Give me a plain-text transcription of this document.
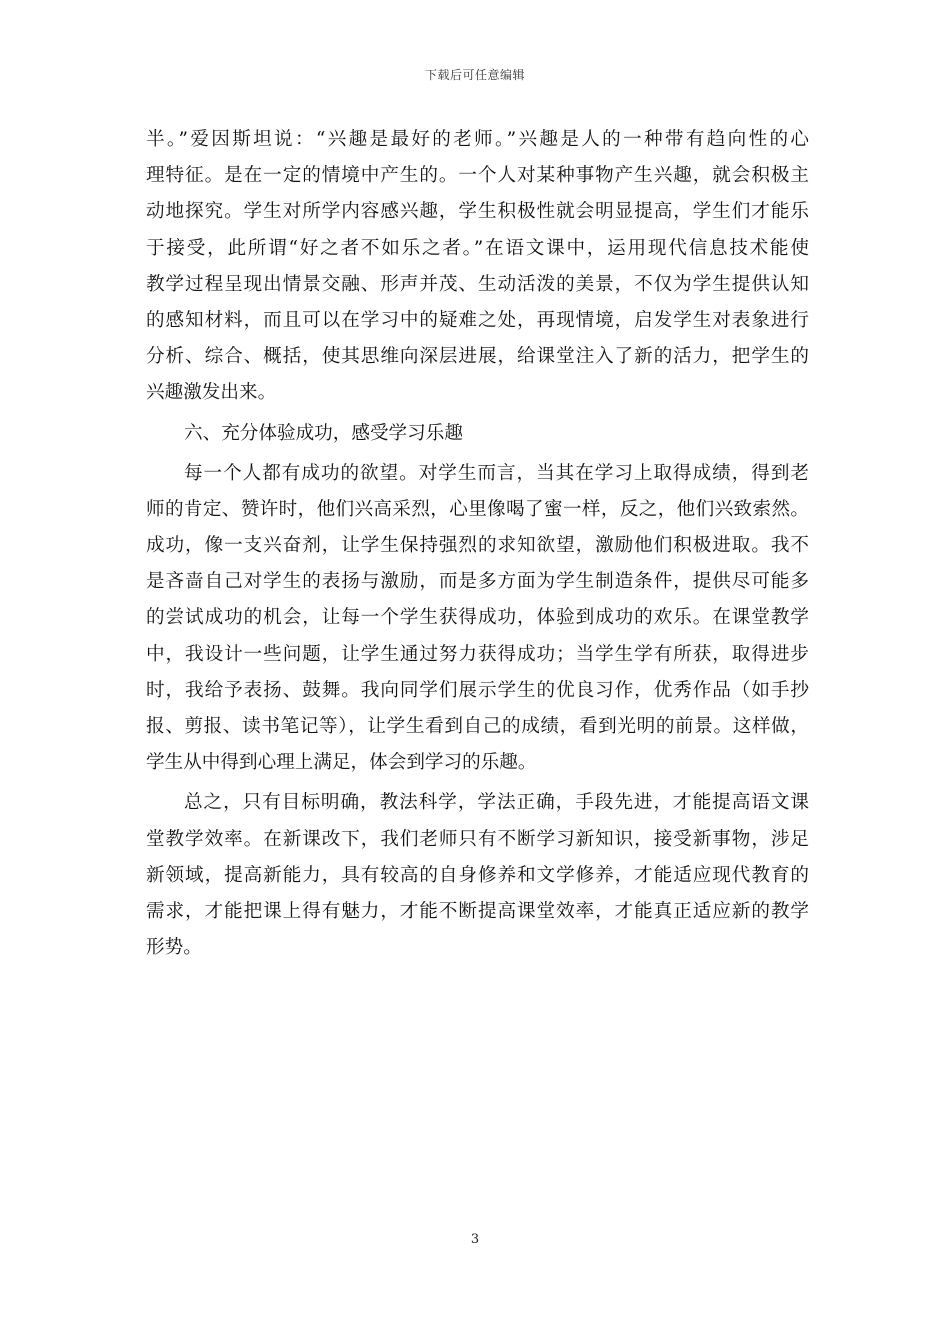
下载后可任意编辑
半。”爱因斯坦说：“兴趣是最好的老师。”兴趣是人的一种带有趋向性的心
理特征。是在一定的情境中产生的。一个人对某种事物产生兴趣，就会积极主
动地探究。学生对所学内容感兴趣，学生积极性就会明显提高，学生们才能乐
于接受，此所谓“好之者不如乐之者。”在语文课中，运用现代信息技术能使
教学过程呈现出情景交融、形声并茂、生动活泼的美景，不仅为学生提供认知
的感知材料，而且可以在学习中的疑难之处，再现情境，启发学生对表象进行
分析、综合、概括，使其思维向深层进展，给课堂注入了新的活力，把学生的
兴趣激发出来。
六、充分体验成功，感受学习乐趣
每一个人都有成功的欲望。对学生而言，当其在学习上取得成绩，得到老
师的肯定、赞许时，他们兴高采烈，心里像喝了蜜一样，反之，他们兴致索然。
成功，像一支兴奋剂，让学生保持强烈的求知欲望，激励他们积极进取。我不
是吝啬自己对学生的表扬与激励，而是多方面为学生制造条件，提供尽可能多
的尝试成功的机会，让每一个学生获得成功，体验到成功的欢乐。在课堂教学
中，我设计一些问题，让学生通过努力获得成功；当学生学有所获，取得进步
时，我给予表扬、鼓舞。我向同学们展示学生的优良习作，优秀作品（如手抄
报、剪报、读书笔记等），让学生看到自己的成绩，看到光明的前景。这样做，
学生从中得到心理上满足，体会到学习的乐趣。
总之，只有目标明确，教法科学，学法正确，手段先进，才能提高语文课
堂教学效率。在新课改下，我们老师只有不断学习新知识，接受新事物，涉足
新领域，提高新能力，具有较高的自身修养和文学修养，才能适应现代教育的
需求，才能把课上得有魅力，才能不断提高课堂效率，才能真正适应新的教学
形势。
3
